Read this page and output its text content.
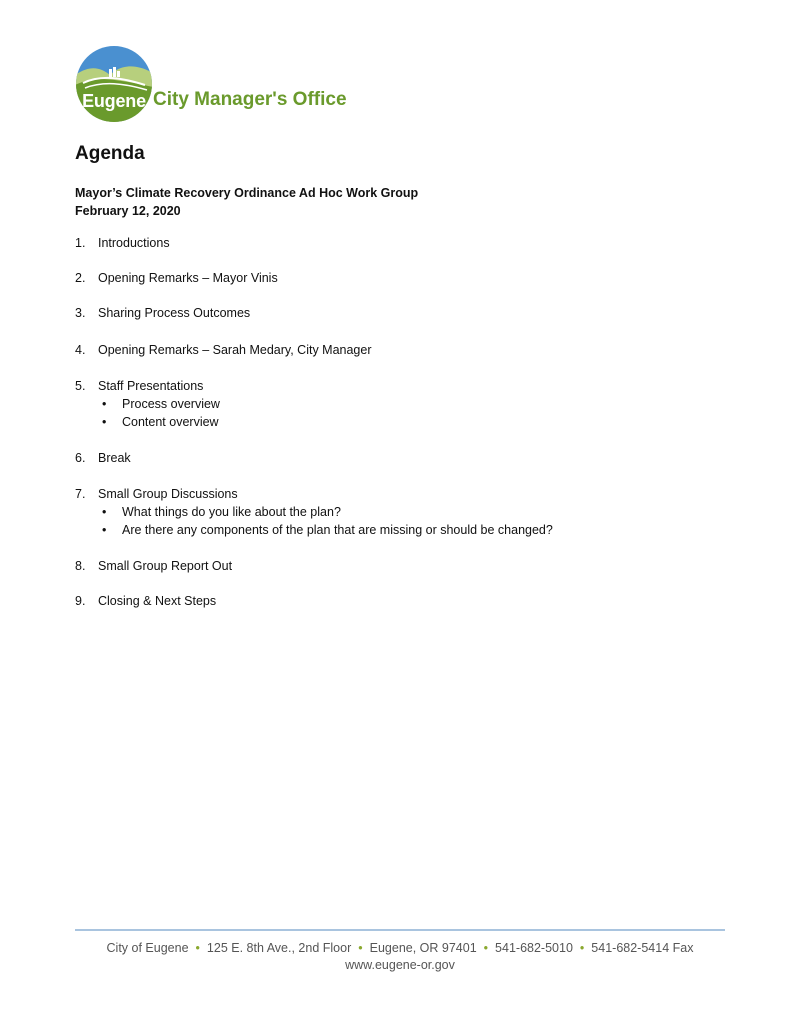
Eugene City Manager's Office
Agenda
Mayor’s Climate Recovery Ordinance Ad Hoc Work Group
February 12, 2020
1.	Introductions
2.	Opening Remarks – Mayor Vinis
3.	Sharing Process Outcomes
4.	Opening Remarks – Sarah Medary, City Manager
5.	Staff Presentations
• Process overview
• Content overview
6.	Break
7.	Small Group Discussions
• What things do you like about the plan?
• Are there any components of the plan that are missing or should be changed?
8.	Small Group Report Out
9.	Closing & Next Steps
City of Eugene • 125 E. 8th Ave., 2nd Floor • Eugene, OR 97401 • 541-682-5010 • 541-682-5414 Fax
www.eugene-or.gov
